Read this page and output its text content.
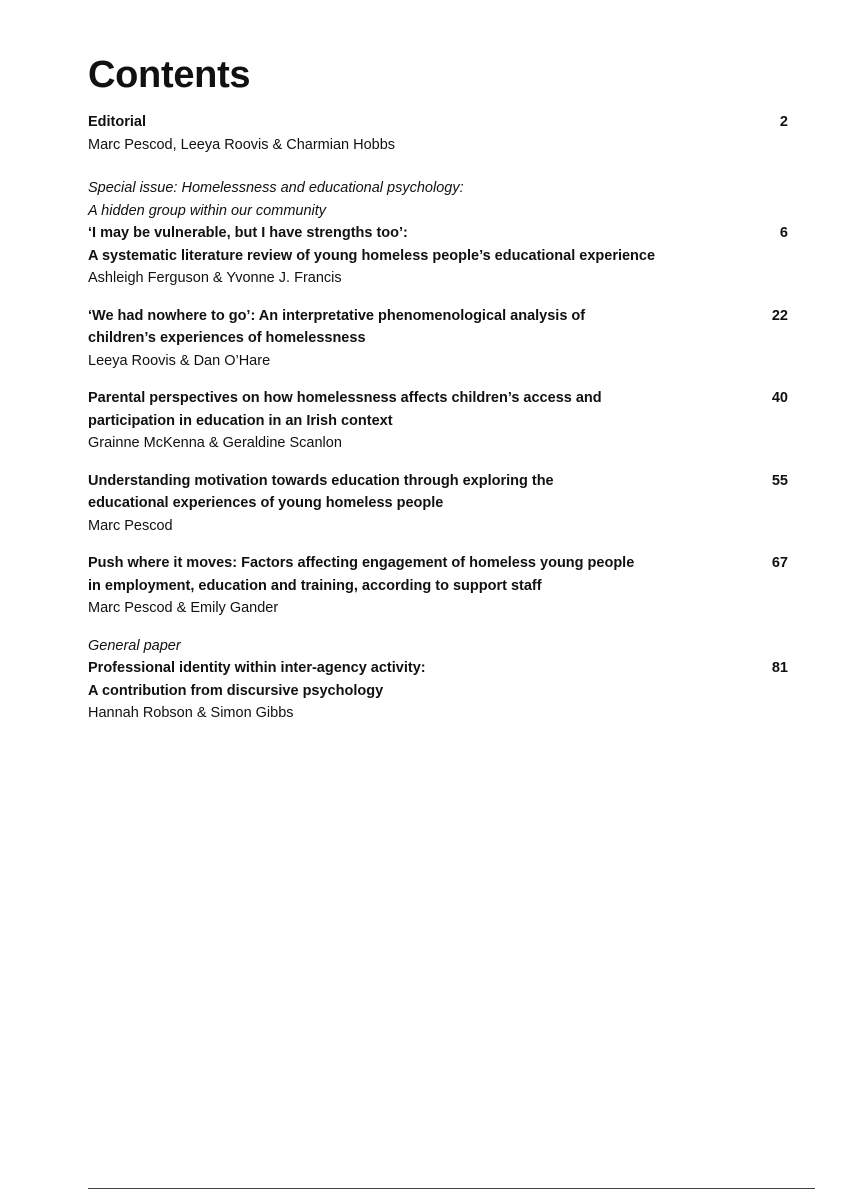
Contents
2
Editorial
Marc Pescod, Leeya Roovis & Charmian Hobbs
6
Special issue: Homelessness and educational psychology:
A hidden group within our community
‘I may be vulnerable, but I have strengths too’:
A systematic literature review of young homeless people’s educational experience
Ashleigh Ferguson & Yvonne J. Francis
22
‘We had nowhere to go’: An interpretative phenomenological analysis of
children’s experiences of homelessness
Leeya Roovis & Dan O’Hare
40
Parental perspectives on how homelessness affects children’s access and
participation in education in an Irish context
Grainne McKenna & Geraldine Scanlon
55
Understanding motivation towards education through exploring the
educational experiences of young homeless people
Marc Pescod
67
Push where it moves: Factors affecting engagement of homeless young people
in employment, education and training, according to support staff
Marc Pescod & Emily Gander
81
General paper
Professional identity within inter-agency activity:
A contribution from discursive psychology
Hannah Robson & Simon Gibbs
